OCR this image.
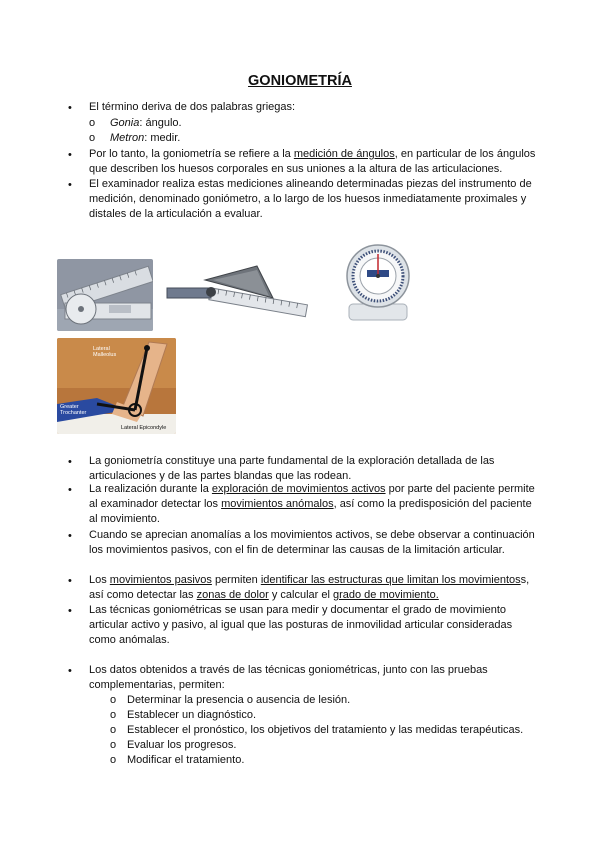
GONIOMETRÍA
• El término deriva de dos palabras griegas:
o Gonia: ángulo.
o Metron: medir.
• Por lo tanto, la goniometría se refiere a la medición de ángulos, en particular de los ángulos
que describen los huesos corporales en sus uniones a la altura de las articulaciones.
• El examinador realiza estas mediciones alineando determinadas piezas del instrumento de
medición, denominado goniómetro, a lo largo de los huesos inmediatamente proximales y
distales de la articulación a evaluar.
Lateral Malleolus
Greater Trochanter
Lateral Epicondyle
• La goniometría constituye una parte fundamental de la exploración detallada de las
articulaciones y de las partes blandas que las rodean.
• La realización durante la exploración de movimientos activos por parte del paciente permite
al examinador detectar los movimientos anómalos, así como la predisposición del paciente
al movimiento.
• Cuando se aprecian anomalías a los movimientos activos, se debe observar a continuación
los movimientos pasivos, con el fin de determinar las causas de la limitación articular.
• Los movimientos pasivos permiten identificar las estructuras que limitan los movimientoss,
así como detectar las zonas de dolor y calcular el grado de movimiento.
• Las técnicas goniométricas se usan para medir y documentar el grado de movimiento
articular activo y pasivo, al igual que las posturas de inmovilidad articular consideradas
como anómalas.
• Los datos obtenidos a través de las técnicas goniométricas, junto con las pruebas
complementarias, permiten:
o Determinar la presencia o ausencia de lesión.
o Establecer un diagnóstico.
o Establecer el pronóstico, los objetivos del tratamiento y las medidas terapéuticas.
o Evaluar los progresos.
o Modificar el tratamiento.
